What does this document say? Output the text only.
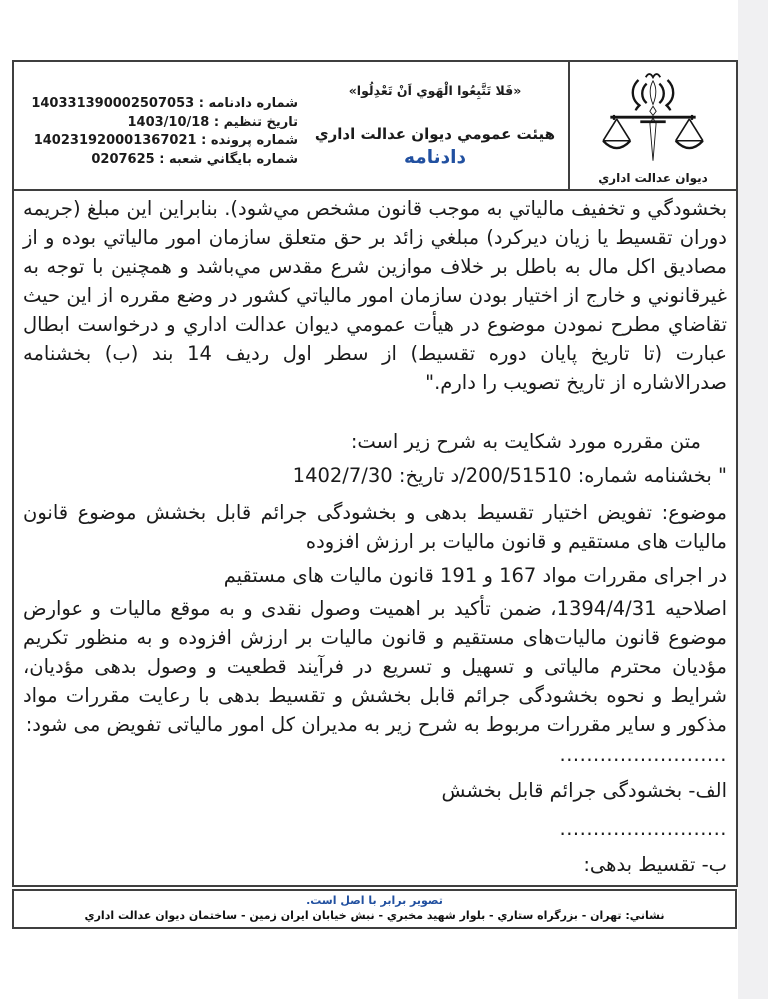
ديوان عدالت اداري
«فَلا تَتَّبِعُوا الْهَوي اَنْ تَعْدِلُوا»
هيئت عمومي ديوان عدالت اداري
دادنامه
شماره دادنامه : 140331390002507053
تاريخ تنظيم : 1403/10/18
شماره پرونده : 140231920001367021
شماره بايگاني شعبه : 0207625

بخشودگي و تخفيف مالياتي به موجب قانون مشخص مي‌شود). بنابراين اين مبلغ (جريمه دوران تقسيط يا زيان ديركرد) مبلغي زائد بر حق متعلق سازمان امور مالياتي بوده و از مصاديق اكل مال به باطل بر خلاف موازين شرع مقدس مي‌باشد و همچنين با توجه به غيرقانوني و خارج از اختيار بودن سازمان امور مالياتي كشور در وضع مقرره از اين حيث تقاضاي مطرح نمودن موضوع در هيأت عمومي ديوان عدالت اداري و درخواست ابطال عبارت (تا تاريخ پايان دوره تقسيط) از سطر اول رديف 14 بند (ب) بخشنامه صدرالاشاره از تاريخ تصويب را دارم."

متن مقرره مورد شكايت به شرح زير است:
" بخشنامه شماره: 200/51510/د تاريخ: 1402/7/30

موضوع: تفويض اختيار تقسيط بدهی و بخشودگی جرائم قابل بخشش موضوع قانون ماليات های مستقيم و قانون ماليات بر ارزش افزوده

در اجرای مقررات مواد 167 و 191 قانون ماليات های مستقيم

اصلاحيه 1394/4/31، ضمن تأكيد بر اهميت وصول نقدی و به موقع ماليات و عوارض موضوع قانون ماليات‌های مستقيم و قانون ماليات بر ارزش افزوده و به منظور تكريم مؤديان محترم مالياتی و تسهيل و تسريع در فرآيند قطعيت و وصول بدهی مؤديان، شرايط و نحوه بخشودگی جرائم قابل بخشش و تقسيط بدهی با رعايت مقررات مواد مذكور و ساير مقررات مربوط به شرح زير به مديران كل امور مالياتی تفويض می شود:

.........................
الف- بخشودگی جرائم قابل بخشش
.........................
ب- تقسيط بدهی:
تصوير برابر با اصل است.
نشاني: تهران - بزرگراه ستاري - بلوار شهيد مخبري - نبش خيابان ايران زمين - ساختمان ديوان عدالت اداري
